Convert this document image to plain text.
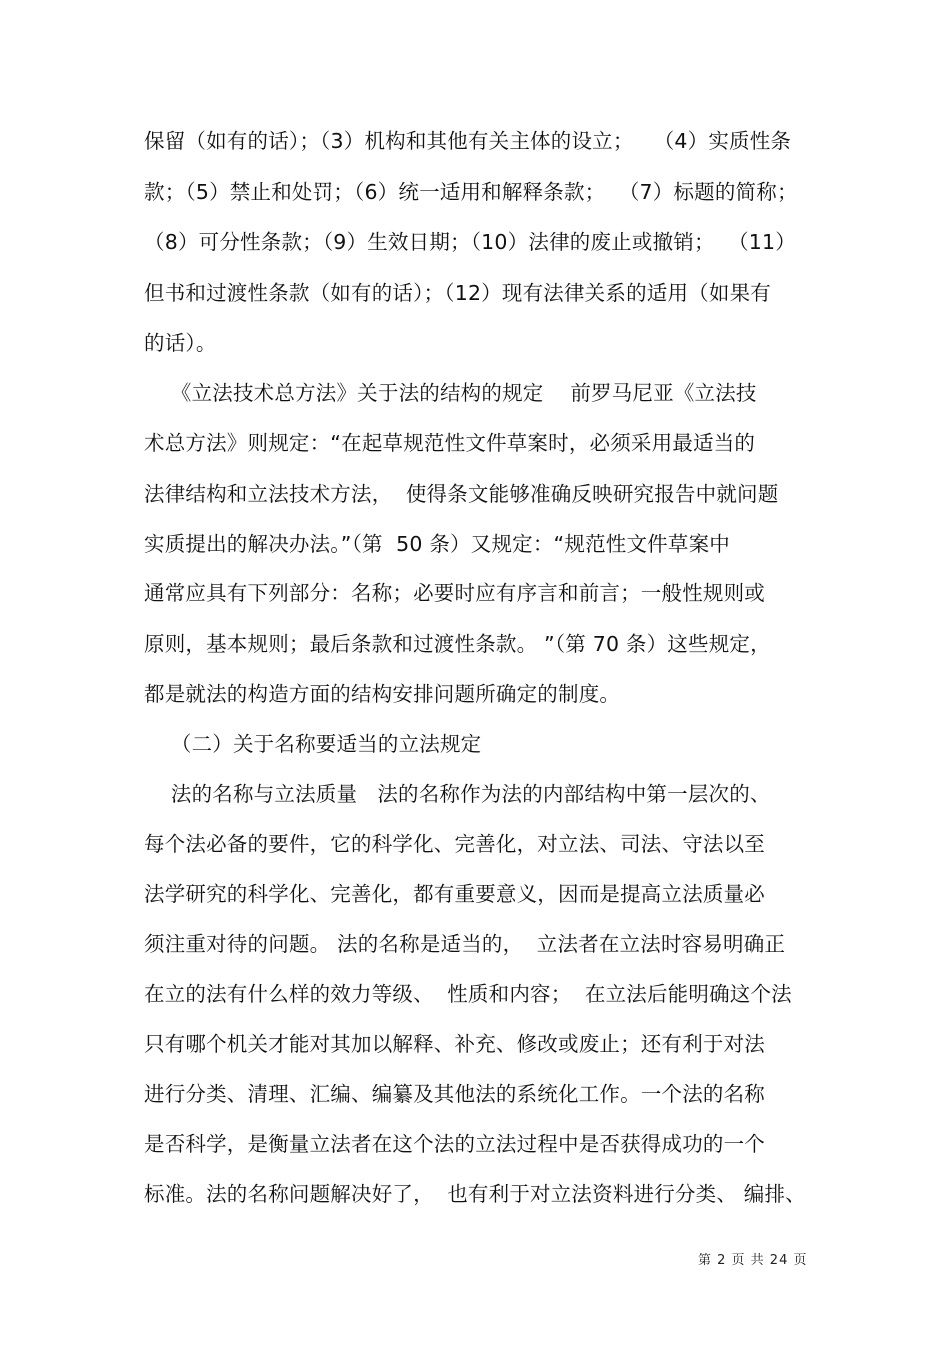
保留（如有的话）；（3）机构和其他有关主体的设立；   （4）实质性条
款；（5）禁止和处罚；（6）统一适用和解释条款；  （7）标题的简称；
（8）可分性条款；（9）生效日期；（10）法律的废止或撤销；  （11）
但书和过渡性条款（如有的话）；（12）现有法律关系的适用（如果有
的话）。
《立法技术总方法》关于法的结构的规定    前罗马尼亚《立法技
术总方法》则规定：“在起草规范性文件草案时，必须采用最适当的
法律结构和立法技术方法，  使得条文能够准确反映研究报告中就问题
实质提出的解决办法。”（第  50 条）又规定：“规范性文件草案中
通常应具有下列部分：名称；必要时应有序言和前言；一般性规则或
原则，基本规则；最后条款和过渡性条款。 ”（第 70 条）这些规定，
都是就法的构造方面的结构安排问题所确定的制度。
（二）关于名称要适当的立法规定
法的名称与立法质量   法的名称作为法的内部结构中第一层次的、
每个法必备的要件，它的科学化、完善化，对立法、司法、守法以至
法学研究的科学化、完善化，都有重要意义，因而是提高立法质量必
须注重对待的问题。 法的名称是适当的，  立法者在立法时容易明确正
在立的法有什么样的效力等级、  性质和内容；  在立法后能明确这个法
只有哪个机关才能对其加以解释、补充、修改或废止；还有利于对法
进行分类、清理、汇编、编纂及其他法的系统化工作。一个法的名称
是否科学，是衡量立法者在这个法的立法过程中是否获得成功的一个
标准。法的名称问题解决好了，  也有利于对立法资料进行分类、 编排、
第 2 页 共 24 页
